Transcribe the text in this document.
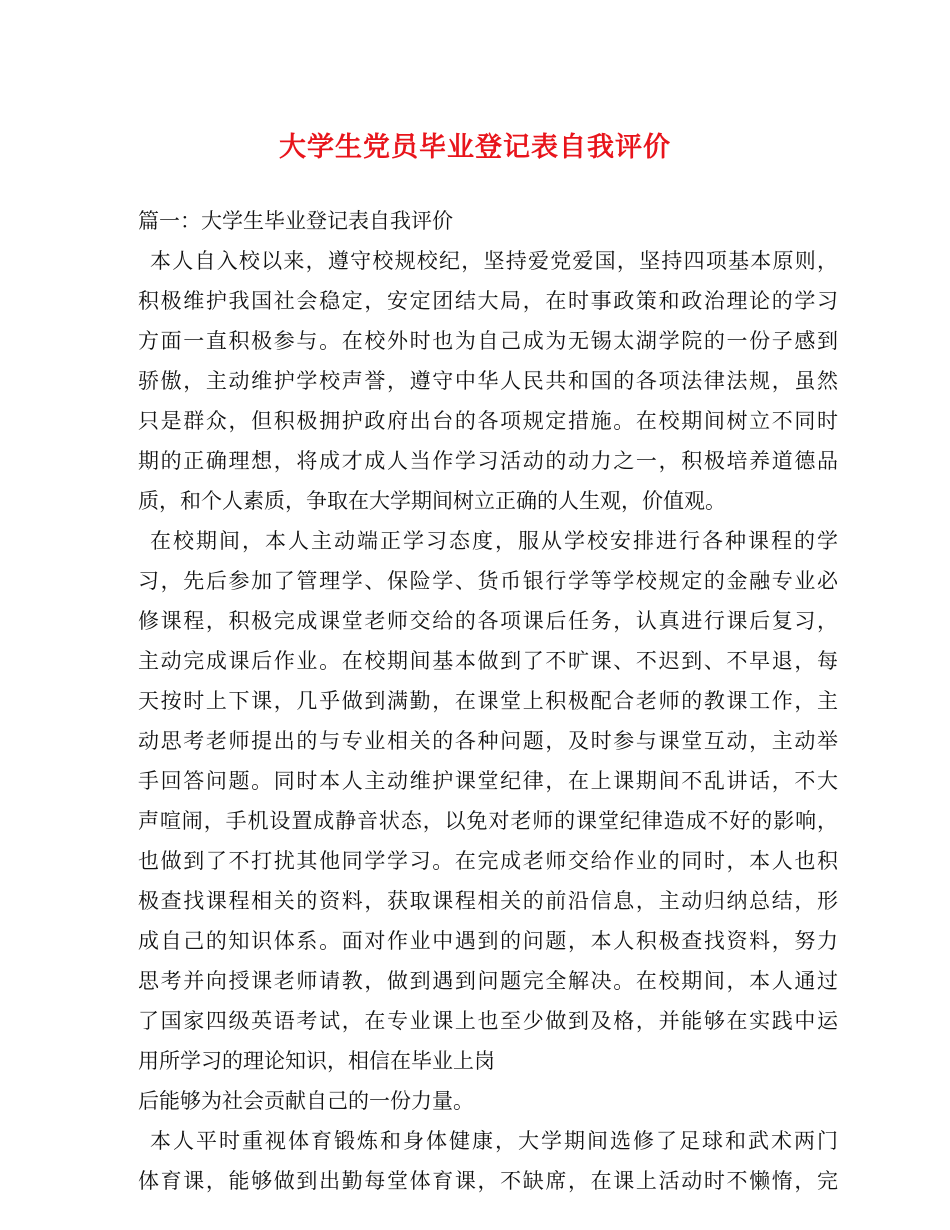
大学生党员毕业登记表自我评价
篇一：大学生毕业登记表自我评价
本人自入校以来，遵守校规校纪，坚持爱党爱国，坚持四项基本原则，
积极维护我国社会稳定，安定团结大局，在时事政策和政治理论的学习
方面一直积极参与。在校外时也为自己成为无锡太湖学院的一份子感到
骄傲，主动维护学校声誉，遵守中华人民共和国的各项法律法规，虽然
只是群众，但积极拥护政府出台的各项规定措施。在校期间树立不同时
期的正确理想，将成才成人当作学习活动的动力之一，积极培养道德品
质，和个人素质，争取在大学期间树立正确的人生观，价值观。
在校期间，本人主动端正学习态度，服从学校安排进行各种课程的学
习，先后参加了管理学、保险学、货币银行学等学校规定的金融专业必
修课程，积极完成课堂老师交给的各项课后任务，认真进行课后复习，
主动完成课后作业。在校期间基本做到了不旷课、不迟到、不早退，每
天按时上下课，几乎做到满勤，在课堂上积极配合老师的教课工作，主
动思考老师提出的与专业相关的各种问题，及时参与课堂互动，主动举
手回答问题。同时本人主动维护课堂纪律，在上课期间不乱讲话，不大
声喧闹，手机设置成静音状态，以免对老师的课堂纪律造成不好的影响，
也做到了不打扰其他同学学习。在完成老师交给作业的同时，本人也积
极查找课程相关的资料，获取课程相关的前沿信息，主动归纳总结，形
成自己的知识体系。面对作业中遇到的问题，本人积极查找资料，努力
思考并向授课老师请教，做到遇到问题完全解决。在校期间，本人通过
了国家四级英语考试，在专业课上也至少做到及格，并能够在实践中运
用所学习的理论知识，相信在毕业上岗
后能够为社会贡献自己的一份力量。
本人平时重视体育锻炼和身体健康，大学期间选修了足球和武术两门
体育课，能够做到出勤每堂体育课，不缺席，在课上活动时不懒惰，完
